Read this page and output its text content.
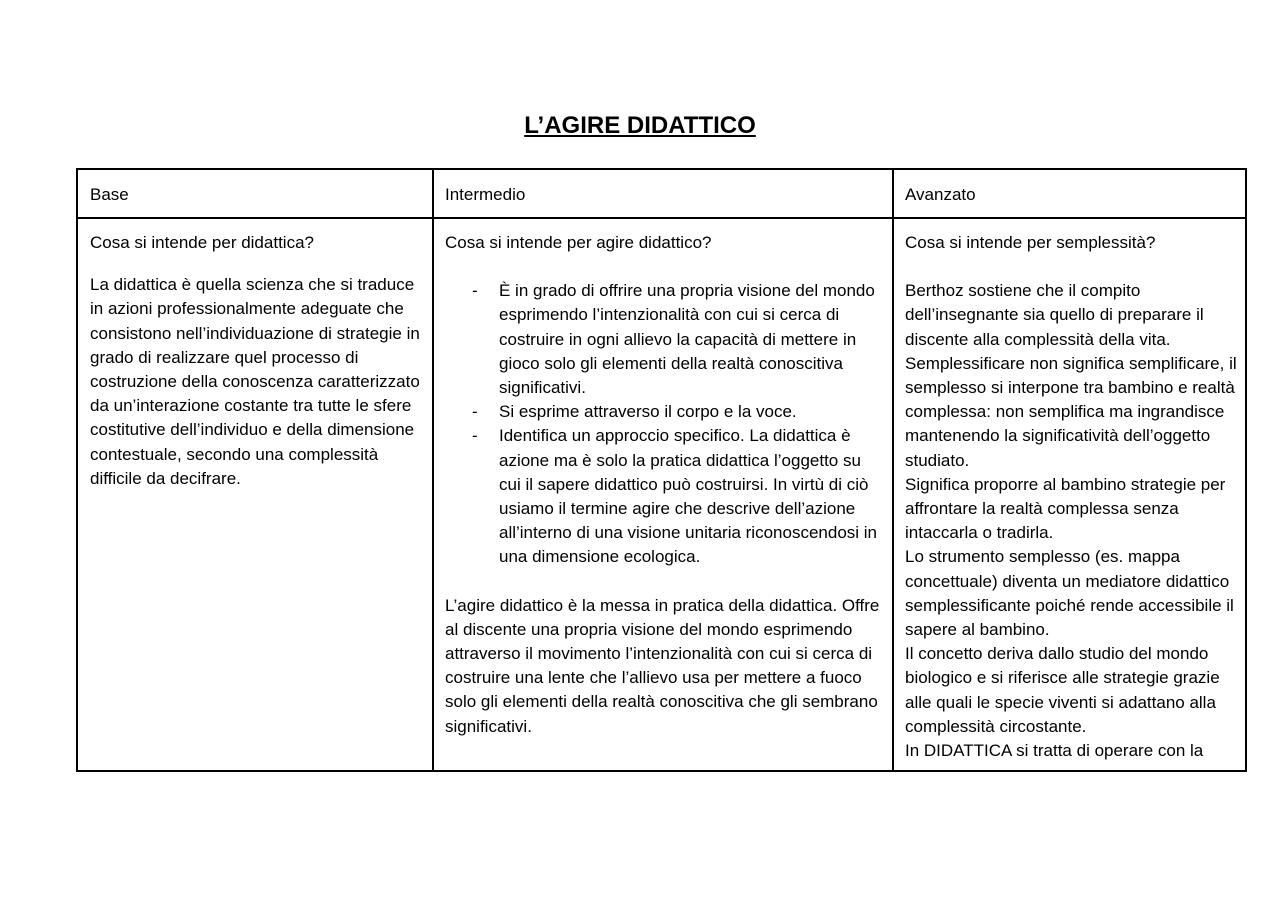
L’AGIRE DIDATTICO
Base	Intermedio	Avanzato

Cosa si intende per didattica?

La didattica è quella scienza che si traduce in azioni professionalmente adeguate che consistono nell’individuazione di strategie in grado di realizzare quel processo di costruzione della conoscenza caratterizzato da un’interazione costante tra tutte le sfere costitutive dell’individuo e della dimensione contestuale, secondo una complessità difficile da decifrare.

Cosa si intende per agire didattico?

- È in grado di offrire una propria visione del mondo esprimendo l’intenzionalità con cui si cerca di costruire in ogni allievo la capacità di mettere in gioco solo gli elementi della realtà conoscitiva significativi.
- Si esprime attraverso il corpo e la voce.
- Identifica un approccio specifico. La didattica è azione ma è solo la pratica didattica l’oggetto su cui il sapere didattico può costruirsi. In virtù di ciò usiamo il termine agire che descrive dell’azione all’interno di una visione unitaria riconoscendosi in una dimensione ecologica.

L’agire didattico è la messa in pratica della didattica. Offre al discente una propria visione del mondo esprimendo attraverso il movimento l’intenzionalità con cui si cerca di costruire una lente che l’allievo usa per mettere a fuoco solo gli elementi della realtà conoscitiva che gli sembrano significativi.

Cosa si intende per semplessità?

Berthoz sostiene che il compito dell’insegnante sia quello di preparare il discente alla complessità della vita.

Semplessificare non significa semplificare, il semplesso si interpone tra bambino e realtà complessa: non semplifica ma ingrandisce mantenendo la significatività dell’oggetto studiato.

Significa proporre al bambino strategie per affrontare la realtà complessa senza intaccarla o tradirla.

Lo strumento semplesso (es. mappa concettuale) diventa un mediatore didattico semplessificante poiché rende accessibile il sapere al bambino.

Il concetto deriva dallo studio del mondo biologico e si riferisce alle strategie grazie alle quali le specie viventi si adattano alla complessità circostante.

In DIDATTICA si tratta di operare con la
